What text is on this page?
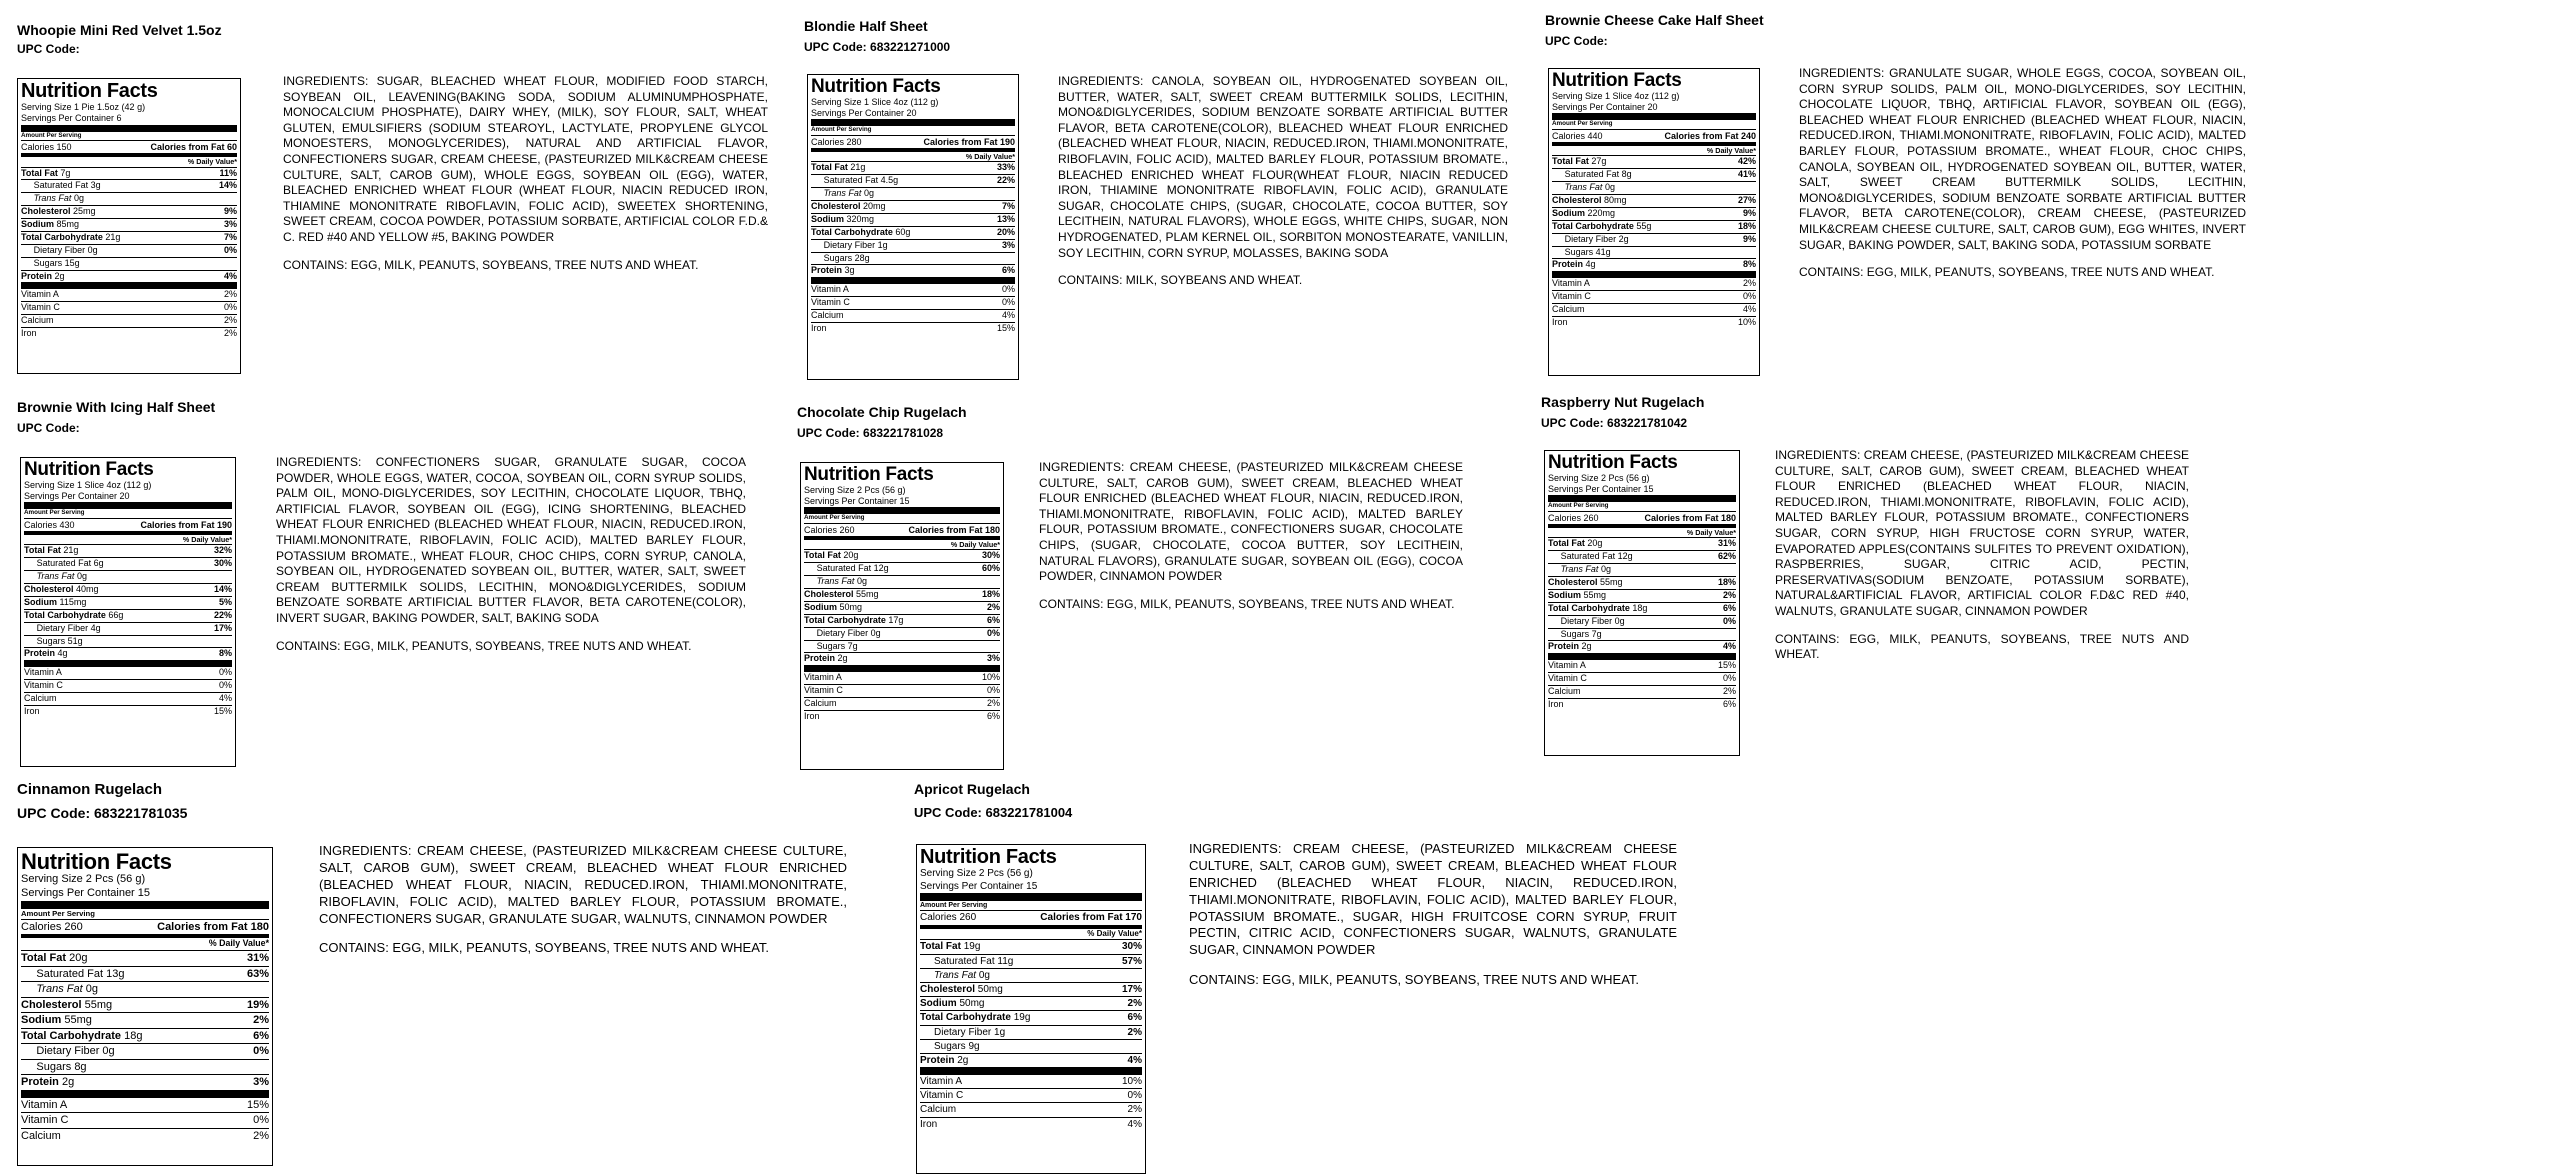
Whoopie Mini Red Velvet 1.5oz
UPC Code:
Nutrition Facts
Serving Size 1 Pie 1.5oz (42 g)
Servings Per Container 6
Amount Per Serving
Calories 150	Calories from Fat 60
% Daily Value*
Total Fat 7g	11%
Saturated Fat 3g	14%
Trans Fat 0g
Cholesterol 25mg	9%
Sodium 85mg	3%
Total Carbohydrate 21g	7%
Dietary Fiber 0g	0%
Sugars 15g
Protein 2g	4%
Vitamin A	2%
Vitamin C	0%
Calcium	2%
Iron	2%

INGREDIENTS: SUGAR, BLEACHED WHEAT FLOUR, MODIFIED FOOD STARCH, SOYBEAN OIL, LEAVENING(BAKING SODA, SODIUM ALUMINUMPHOSPHATE, MONOCALCIUM PHOSPHATE), DAIRY WHEY, (MILK), SOY FLOUR, SALT, WHEAT GLUTEN, EMULSIFIERS (SODIUM STEAROYL, LACTYLATE, PROPYLENE GLYCOL MONOESTERS, MONOGLYCERIDES), NATURAL AND ARTIFICIAL FLAVOR, CONFECTIONERS SUGAR, CREAM CHEESE, (PASTEURIZED MILK&CREAM CHEESE CULTURE, SALT, CAROB GUM), WHOLE EGGS, SOYBEAN OIL (EGG), WATER, BLEACHED ENRICHED WHEAT FLOUR (WHEAT FLOUR, NIACIN REDUCED IRON, THIAMINE MONONITRATE RIBOFLAVIN, FOLIC ACID), SWEETEX SHORTENING, SWEET CREAM, COCOA POWDER, POTASSIUM SORBATE, ARTIFICIAL COLOR F.D.& C. RED #40 AND YELLOW #5, BAKING POWDER

CONTAINS: EGG, MILK, PEANUTS, SOYBEANS, TREE NUTS AND WHEAT.

Blondie Half Sheet
UPC Code: 683221271000
Nutrition Facts
Serving Size 1 Slice 4oz (112 g)
Servings Per Container 20
Amount Per Serving
Calories 280	Calories from Fat 190
% Daily Value*
Total Fat 21g	33%
Saturated Fat 4.5g	22%
Trans Fat 0g
Cholesterol 20mg	7%
Sodium 320mg	13%
Total Carbohydrate 60g	20%
Dietary Fiber 1g	3%
Sugars 28g
Protein 3g	6%
Vitamin A	0%
Vitamin C	0%
Calcium	4%
Iron	15%

INGREDIENTS: CANOLA, SOYBEAN OIL, HYDROGENATED SOYBEAN OIL, BUTTER, WATER, SALT, SWEET CREAM BUTTERMILK SOLIDS, LECITHIN, MONO&DIGLYCERIDES, SODIUM BENZOATE SORBATE ARTIFICIAL BUTTER FLAVOR, BETA CAROTENE(COLOR), BLEACHED WHEAT FLOUR ENRICHED (BLEACHED WHEAT FLOUR, NIACIN, REDUCED.IRON, THIAMI.MONONITRATE, RIBOFLAVIN, FOLIC ACID), MALTED BARLEY FLOUR, POTASSIUM BROMATE., BLEACHED ENRICHED WHEAT FLOUR(WHEAT FLOUR, NIACIN REDUCED IRON, THIAMINE MONONITRATE RIBOFLAVIN, FOLIC ACID), GRANULATE SUGAR, CHOCOLATE CHIPS, (SUGAR, CHOCOLATE, COCOA BUTTER, SOY LECITHEIN, NATURAL FLAVORS), WHOLE EGGS, WHITE CHIPS, SUGAR, NON HYDROGENATED, PLAM KERNEL OIL, SORBITON MONOSTEARATE, VANILLIN, SOY LECITHIN, CORN SYRUP, MOLASSES, BAKING SODA

CONTAINS: MILK, SOYBEANS AND WHEAT.

Brownie Cheese Cake Half Sheet
UPC Code:
Nutrition Facts
Serving Size 1 Slice 4oz (112 g)
Servings Per Container 20
Amount Per Serving
Calories 440	Calories from Fat 240
% Daily Value*
Total Fat 27g	42%
Saturated Fat 8g	41%
Trans Fat 0g
Cholesterol 80mg	27%
Sodium 220mg	9%
Total Carbohydrate 55g	18%
Dietary Fiber 2g	9%
Sugars 41g
Protein 4g	8%
Vitamin A	2%
Vitamin C	0%
Calcium	4%
Iron	10%

INGREDIENTS: GRANULATE SUGAR, WHOLE EGGS, COCOA, SOYBEAN OIL, CORN SYRUP SOLIDS, PALM OIL, MONO-DIGLYCERIDES, SOY LECITHIN, CHOCOLATE LIQUOR, TBHQ, ARTIFICIAL FLAVOR, SOYBEAN OIL (EGG), BLEACHED WHEAT FLOUR ENRICHED (BLEACHED WHEAT FLOUR, NIACIN, REDUCED.IRON, THIAMI.MONONITRATE, RIBOFLAVIN, FOLIC ACID), MALTED BARLEY FLOUR, POTASSIUM BROMATE., WHEAT FLOUR, CHOC CHIPS, CANOLA, SOYBEAN OIL, HYDROGENATED SOYBEAN OIL, BUTTER, WATER, SALT, SWEET CREAM BUTTERMILK SOLIDS, LECITHIN, MONO&DIGLYCERIDES, SODIUM BENZOATE SORBATE ARTIFICIAL BUTTER FLAVOR, BETA CAROTENE(COLOR), CREAM CHEESE, (PASTEURIZED MILK&CREAM CHEESE CULTURE, SALT, CAROB GUM), EGG WHITES, INVERT SUGAR, BAKING POWDER, SALT, BAKING SODA, POTASSIUM SORBATE

CONTAINS: EGG, MILK, PEANUTS, SOYBEANS, TREE NUTS AND WHEAT.

Brownie With Icing Half Sheet
UPC Code:
Nutrition Facts
Serving Size 1 Slice 4oz (112 g)
Servings Per Container 20
Amount Per Serving
Calories 430	Calories from Fat 190
% Daily Value*
Total Fat 21g	32%
Saturated Fat 6g	30%
Trans Fat 0g
Cholesterol 40mg	14%
Sodium 115mg	5%
Total Carbohydrate 66g	22%
Dietary Fiber 4g	17%
Sugars 51g
Protein 4g	8%
Vitamin A	0%
Vitamin C	0%
Calcium	4%
Iron	15%

INGREDIENTS: CONFECTIONERS SUGAR, GRANULATE SUGAR, COCOA POWDER, WHOLE EGGS, WATER, COCOA, SOYBEAN OIL, CORN SYRUP SOLIDS, PALM OIL, MONO-DIGLYCERIDES, SOY LECITHIN, CHOCOLATE LIQUOR, TBHQ, ARTIFICIAL FLAVOR, SOYBEAN OIL (EGG), ICING SHORTENING, BLEACHED WHEAT FLOUR ENRICHED (BLEACHED WHEAT FLOUR, NIACIN, REDUCED.IRON, THIAMI.MONONITRATE, RIBOFLAVIN, FOLIC ACID), MALTED BARLEY FLOUR, POTASSIUM BROMATE., WHEAT FLOUR, CHOC CHIPS, CORN SYRUP, CANOLA, SOYBEAN OIL, HYDROGENATED SOYBEAN OIL, BUTTER, WATER, SALT, SWEET CREAM BUTTERMILK SOLIDS, LECITHIN, MONO&DIGLYCERIDES, SODIUM BENZOATE SORBATE ARTIFICIAL BUTTER FLAVOR, BETA CAROTENE(COLOR), INVERT SUGAR, BAKING POWDER, SALT, BAKING SODA

CONTAINS: EGG, MILK, PEANUTS, SOYBEANS, TREE NUTS AND WHEAT.

Chocolate Chip Rugelach
UPC Code: 683221781028
Nutrition Facts
Serving Size 2 Pcs (56 g)
Servings Per Container 15
Amount Per Serving
Calories 260	Calories from Fat 180
% Daily Value*
Total Fat 20g	30%
Saturated Fat 12g	60%
Trans Fat 0g
Cholesterol 55mg	18%
Sodium 50mg	2%
Total Carbohydrate 17g	6%
Dietary Fiber 0g	0%
Sugars 7g
Protein 2g	3%
Vitamin A	10%
Vitamin C	0%
Calcium	2%
Iron	6%

INGREDIENTS: CREAM CHEESE, (PASTEURIZED MILK&CREAM CHEESE CULTURE, SALT, CAROB GUM), SWEET CREAM, BLEACHED WHEAT FLOUR ENRICHED (BLEACHED WHEAT FLOUR, NIACIN, REDUCED.IRON, THIAMI.MONONITRATE, RIBOFLAVIN, FOLIC ACID), MALTED BARLEY FLOUR, POTASSIUM BROMATE., CONFECTIONERS SUGAR, CHOCOLATE CHIPS, (SUGAR, CHOCOLATE, COCOA BUTTER, SOY LECITHEIN, NATURAL FLAVORS), GRANULATE SUGAR, SOYBEAN OIL (EGG), COCOA POWDER, CINNAMON POWDER

CONTAINS: EGG, MILK, PEANUTS, SOYBEANS, TREE NUTS AND WHEAT.

Raspberry Nut Rugelach
UPC Code: 683221781042
Nutrition Facts
Serving Size 2 Pcs (56 g)
Servings Per Container 15
Amount Per Serving
Calories 260	Calories from Fat 180
% Daily Value*
Total Fat 20g	31%
Saturated Fat 12g	62%
Trans Fat 0g
Cholesterol 55mg	18%
Sodium 55mg	2%
Total Carbohydrate 18g	6%
Dietary Fiber 0g	0%
Sugars 7g
Protein 2g	4%
Vitamin A	15%
Vitamin C	0%
Calcium	2%
Iron	6%

INGREDIENTS: CREAM CHEESE, (PASTEURIZED MILK&CREAM CHEESE CULTURE, SALT, CAROB GUM), SWEET CREAM, BLEACHED WHEAT FLOUR ENRICHED (BLEACHED WHEAT FLOUR, NIACIN, REDUCED.IRON, THIAMI.MONONITRATE, RIBOFLAVIN, FOLIC ACID), MALTED BARLEY FLOUR, POTASSIUM BROMATE., CONFECTIONERS SUGAR, CORN SYRUP, HIGH FRUCTOSE CORN SYRUP, WATER, EVAPORATED APPLES(CONTAINS SULFITES TO PREVENT OXIDATION), RASPBERRIES, SUGAR, CITRIC ACID, PECTIN, PRESERVATIVAS(SODIUM BENZOATE, POTASSIUM SORBATE), NATURAL&ARTIFICIAL FLAVOR, ARTIFICIAL COLOR F.D&C RED #40, WALNUTS, GRANULATE SUGAR, CINNAMON POWDER

CONTAINS: EGG, MILK, PEANUTS, SOYBEANS, TREE NUTS AND WHEAT.

Cinnamon Rugelach
UPC Code: 683221781035
Nutrition Facts
Serving Size 2 Pcs (56 g)
Servings Per Container 15
Amount Per Serving
Calories 260	Calories from Fat 180
% Daily Value*
Total Fat 20g	31%
Saturated Fat 13g	63%
Trans Fat 0g
Cholesterol 55mg	19%
Sodium 55mg	2%
Total Carbohydrate 18g	6%
Dietary Fiber 0g	0%
Sugars 8g
Protein 2g	3%
Vitamin A	15%
Vitamin C	0%
Calcium	2%

INGREDIENTS: CREAM CHEESE, (PASTEURIZED MILK&CREAM CHEESE CULTURE, SALT, CAROB GUM), SWEET CREAM, BLEACHED WHEAT FLOUR ENRICHED (BLEACHED WHEAT FLOUR, NIACIN, REDUCED.IRON, THIAMI.MONONITRATE, RIBOFLAVIN, FOLIC ACID), MALTED BARLEY FLOUR, POTASSIUM BROMATE., CONFECTIONERS SUGAR, GRANULATE SUGAR, WALNUTS, CINNAMON POWDER

CONTAINS: EGG, MILK, PEANUTS, SOYBEANS, TREE NUTS AND WHEAT.

Apricot Rugelach
UPC Code: 683221781004
Nutrition Facts
Serving Size 2 Pcs (56 g)
Servings Per Container 15
Amount Per Serving
Calories 260	Calories from Fat 170
% Daily Value*
Total Fat 19g	30%
Saturated Fat 11g	57%
Trans Fat 0g
Cholesterol 50mg	17%
Sodium 50mg	2%
Total Carbohydrate 19g	6%
Dietary Fiber 1g	2%
Sugars 9g
Protein 2g	4%
Vitamin A	10%
Vitamin C	0%
Calcium	2%
Iron	4%

INGREDIENTS: CREAM CHEESE, (PASTEURIZED MILK&CREAM CHEESE CULTURE, SALT, CAROB GUM), SWEET CREAM, BLEACHED WHEAT FLOUR ENRICHED (BLEACHED WHEAT FLOUR, NIACIN, REDUCED.IRON, THIAMI.MONONITRATE, RIBOFLAVIN, FOLIC ACID), MALTED BARLEY FLOUR, POTASSIUM BROMATE., SUGAR, HIGH FRUITCOSE CORN SYRUP, FRUIT PECTIN, CITRIC ACID, CONFECTIONERS SUGAR, WALNUTS, GRANULATE SUGAR, CINNAMON POWDER

CONTAINS: EGG, MILK, PEANUTS, SOYBEANS, TREE NUTS AND WHEAT.
